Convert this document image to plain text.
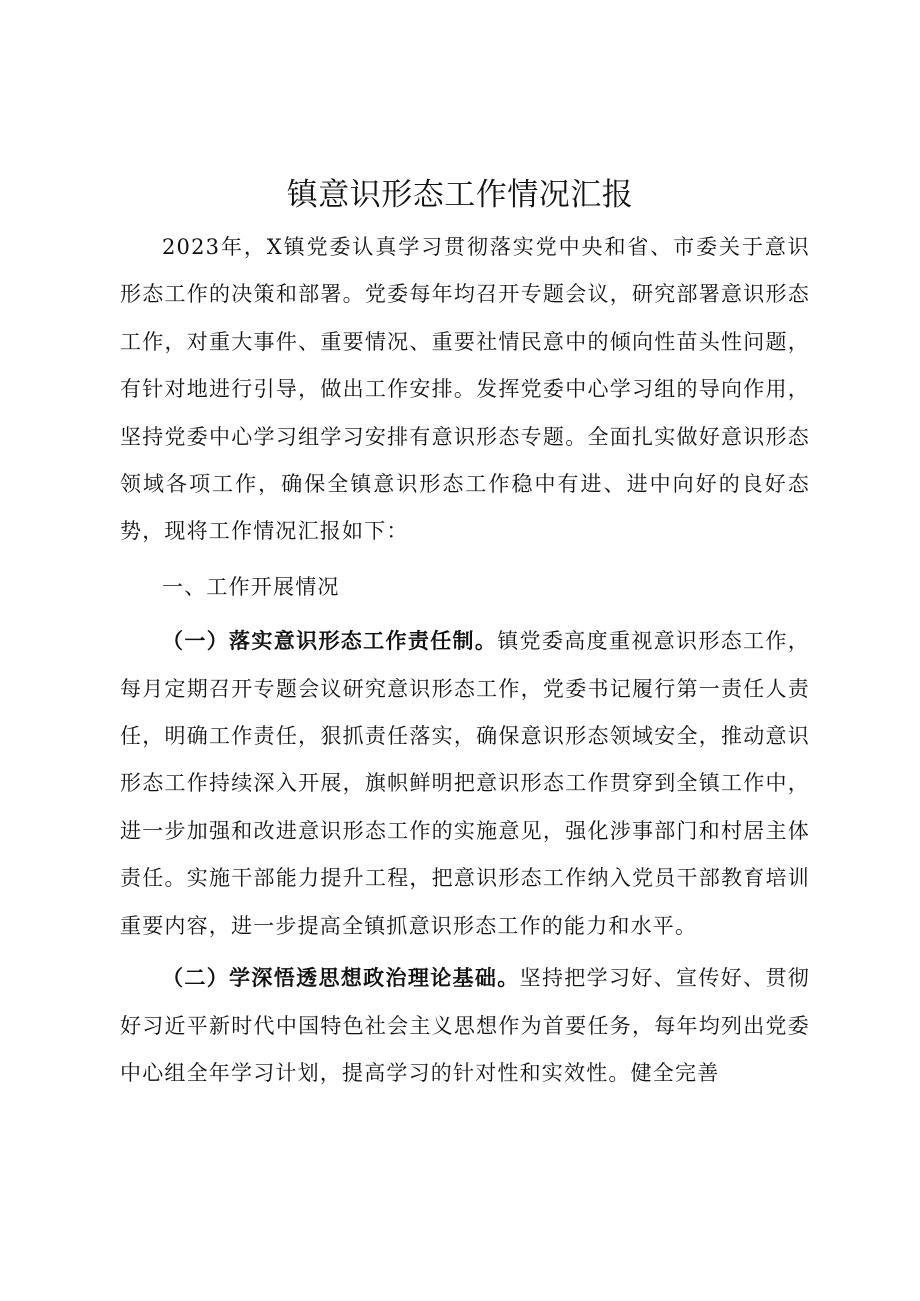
镇意识形态工作情况汇报

2023年，X镇党委认真学习贯彻落实党中央和省、市委关于意识形态工作的决策和部署。党委每年均召开专题会议，研究部署意识形态工作，对重大事件、重要情况、重要社情民意中的倾向性苗头性问题，有针对地进行引导，做出工作安排。发挥党委中心学习组的导向作用，坚持党委中心学习组学习安排有意识形态专题。全面扎实做好意识形态领域各项工作，确保全镇意识形态工作稳中有进、进中向好的良好态势，现将工作情况汇报如下：

一、工作开展情况

（一）落实意识形态工作责任制。镇党委高度重视意识形态工作，每月定期召开专题会议研究意识形态工作，党委书记履行第一责任人责任，明确工作责任，狠抓责任落实，确保意识形态领域安全，推动意识形态工作持续深入开展，旗帜鲜明把意识形态工作贯穿到全镇工作中，进一步加强和改进意识形态工作的实施意见，强化涉事部门和村居主体责任。实施干部能力提升工程，把意识形态工作纳入党员干部教育培训重要内容，进一步提高全镇抓意识形态工作的能力和水平。

（二）学深悟透思想政治理论基础。坚持把学习好、宣传好、贯彻好习近平新时代中国特色社会主义思想作为首要任务，每年均列出党委中心组全年学习计划，提高学习的针对性和实效性。健全完善
